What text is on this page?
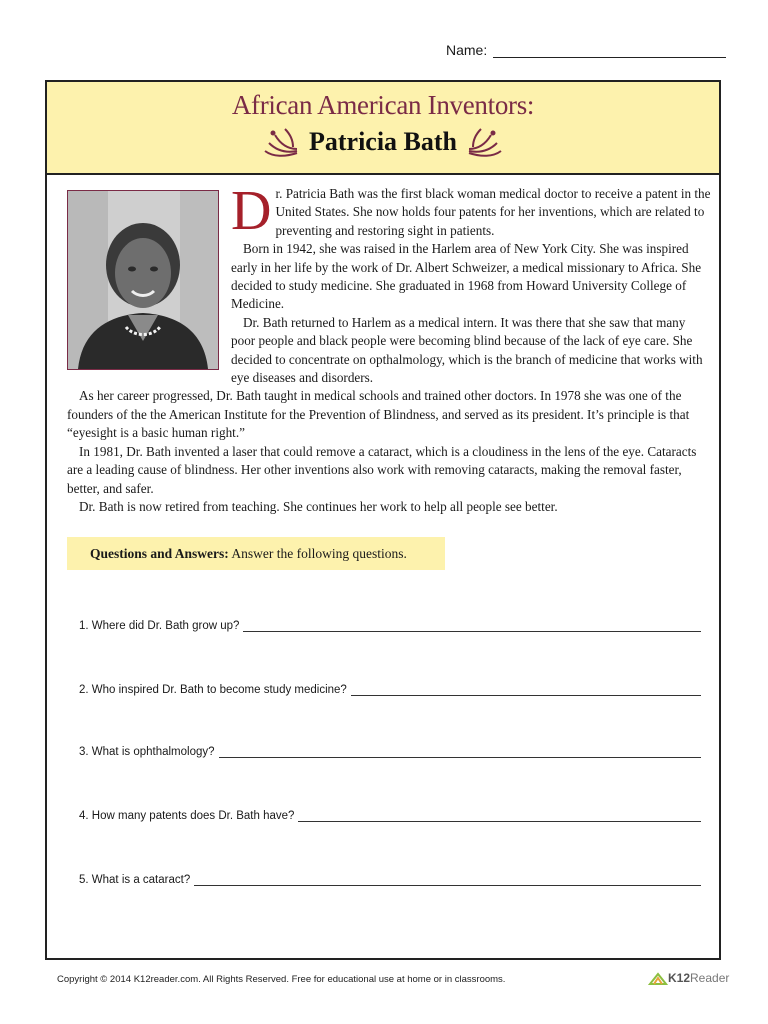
Name:
African American Inventors:
Patricia Bath

D r. Patricia Bath was the first black woman medical doctor to receive a patent in the United States. She now holds four patents for her inventions, which are related to preventing and restoring sight in patients.

Born in 1942, she was raised in the Harlem area of New York City. She was inspired early in her life by the work of Dr. Albert Schweizer, a medical missionary to Africa. She decided to study medicine. She graduated in 1968 from Howard University College of Medicine.

Dr. Bath returned to Harlem as a medical intern. It was there that she saw that many poor people and black people were becoming blind because of the lack of eye care. She decided to concentrate on opthalmology, which is the branch of medicine that works with eye diseases and disorders.

As her career progressed, Dr. Bath taught in medical schools and trained other doctors. In 1978 she was one of the founders of the the American Institute for the Prevention of Blindness, and served as its president. It’s principle is that “eyesight is a basic human right.”

In 1981, Dr. Bath invented a laser that could remove a cataract, which is a cloudiness in the lens of the eye. Cataracts are a leading cause of blindness. Her other inventions also work with removing cataracts, making the removal faster, better, and safer.

Dr. Bath is now retired from teaching. She continues her work to help all people see better.

Questions and Answers: Answer the following questions.
1. Where did Dr. Bath grow up?
2. Who inspired Dr. Bath to become study medicine?
3. What is ophthalmology?
4. How many patents does Dr. Bath have?
5. What is a cataract?
Copyright © 2014 K12reader.com. All Rights Reserved. Free for educational use at home or in classrooms.	K12 Reader
